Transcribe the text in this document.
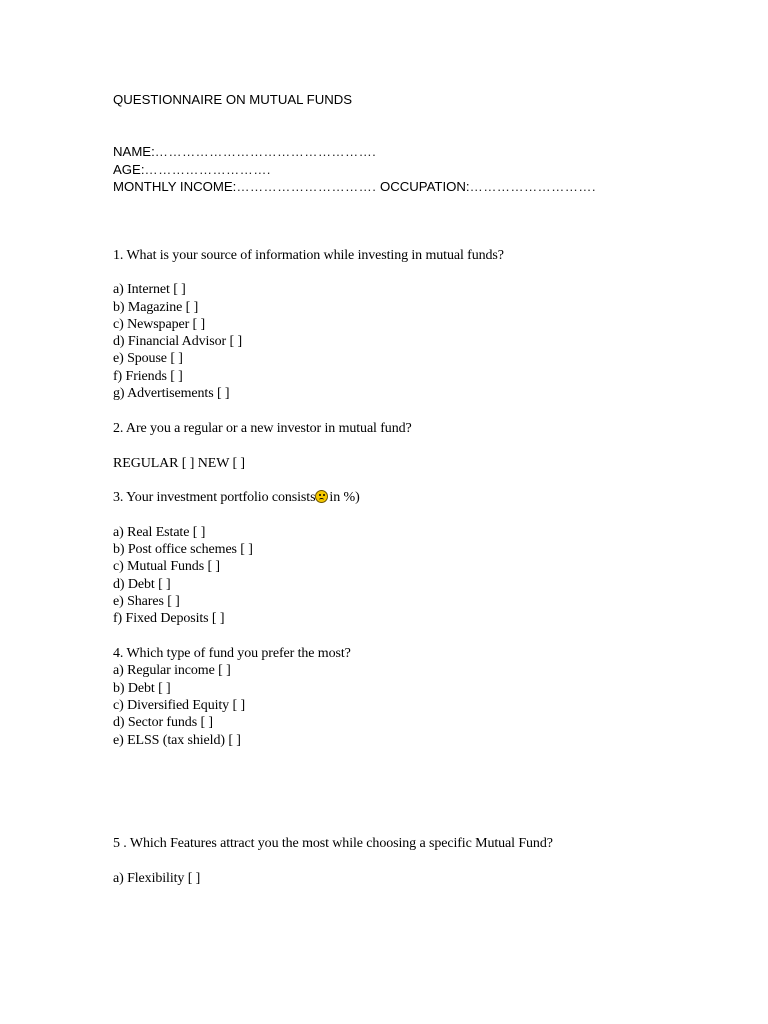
QUESTIONNAIRE ON MUTUAL FUNDS
NAME:………………………………………….
AGE:……………………….
MONTHLY INCOME:…………………………. OCCUPATION:……………………….
1. What is your source of information while investing in mutual funds?
a) Internet [ ]
b) Magazine [ ]
c) Newspaper [ ]
d) Financial Advisor [ ]
e) Spouse [ ]
f) Friends [ ]
g) Advertisements [ ]
2. Are you a regular or a new investor in mutual fund?
REGULAR [ ] NEW [ ]
3. Your investment portfolio consists in %)
a) Real Estate [ ]
b) Post office schemes [ ]
c) Mutual Funds [ ]
d) Debt [ ]
e) Shares [ ]
f) Fixed Deposits [ ]
4. Which type of fund you prefer the most?
a) Regular income [ ]
b) Debt [ ]
c) Diversified Equity [ ]
d) Sector funds [ ]
e) ELSS (tax shield) [ ]
5 . Which Features attract you the most while choosing a specific Mutual Fund?
a) Flexibility [ ]
